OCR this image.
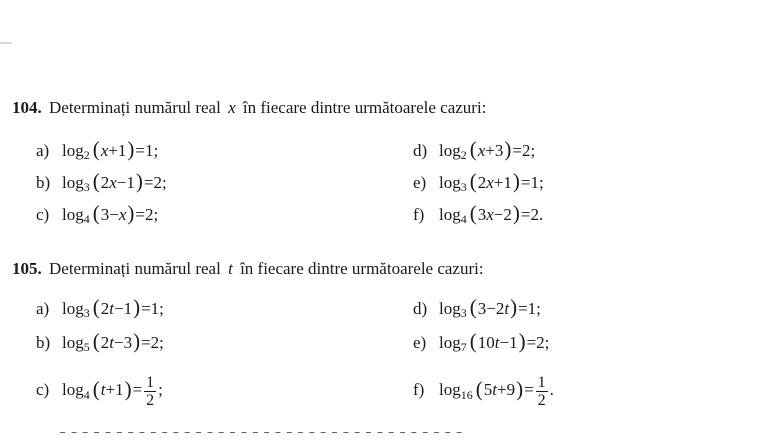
104. Determinați numărul real x în fiecare dintre următoarele cazuri:
a) log 2 ( x+1 ) = 1 ;
b) log 3 ( 2x−1 ) = 2 ;
c) log 4 ( 3−x ) = 2 ;
d) log 2 ( x+3 ) = 2 ;
e) log 3 ( 2x+1 ) = 1 ;
f) log 4 ( 3x−2 ) = 2 .
105. Determinați numărul real t în fiecare dintre următoarele cazuri:
a) log 3 ( 2t−1 ) = 1 ;
b) log 5 ( 2t−3 ) = 2 ;
c) log 4 ( t+1 ) = $\frac{1}{2}$ ;
d) log 3 ( 3−2t ) = 1 ;
e) log 7 ( 10t−1 ) = 2 ;
f) log 16 ( 5t+9 ) = $\frac{1}{2}$ .
ˉ ˉ ˉ ˉ ˉ ˉ ˉ ˉ ˉ ˉ ˉ ˉ ˉ ˉ ˉ ˉ ˉ ˉ ˉ ˉ ˉ ˉ ˉ ˉ ˉ ˉ ˉ ˉ ˉ ˉ ˉ ˉ ˉ ˉ ˉ ˉ
